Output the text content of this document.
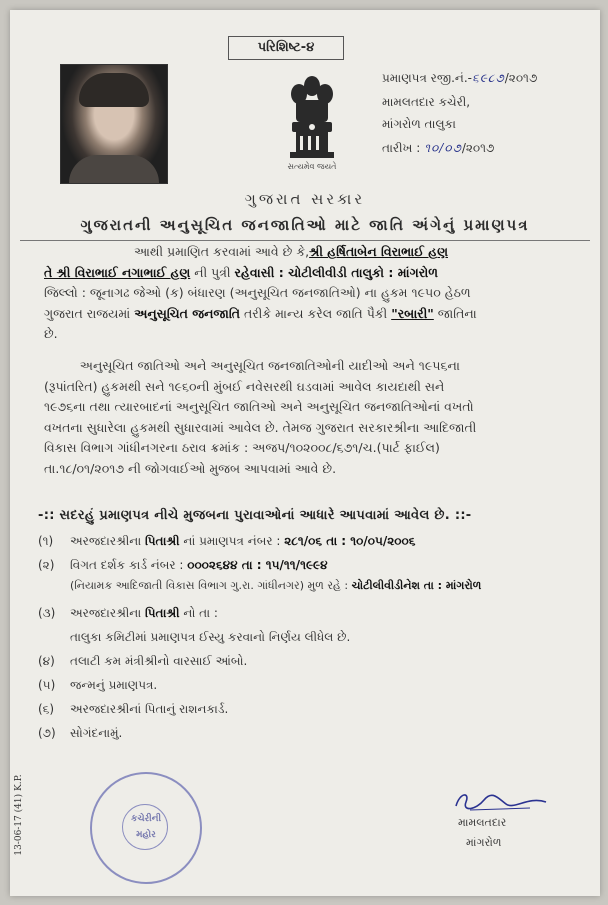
પરિશિષ્ટ-૪
સત્યમેવ જયતે
પ્રમાણપત્ર રજી.નં.-૬૯૮૭/૨૦૧૭
મામલતદાર કચેરી,
માંગરોળ તાલુકા
તારીખ : ૧૦/૦૭/૨૦૧૭
ગુજરાત સરકાર
ગુજરાતની અનુસૂચિત જનજાતિઓ માટે જાતિ અંગેનું પ્રમાણપત્ર
આથી પ્રમાણિત કરવામાં આવે છે કે,શ્રી હર્ષિતાબેન વિરાભાઈ હણ
તે શ્રી વિરાભાઈ નગાભાઈ હણ ની પુત્રી રહેવાસી : ચોટીલીવીડી તાલુકો : માંગરોળ
જિલ્લો : જૂનાગઢ જેઓ (ક) બંધારણ (અનુસૂચિત જનજાતિઓ) ના હુકમ ૧૯૫૦ હેઠળ
ગુજરાત રાજયમાં અનુસૂચિત જનજાતિ તરીકે માન્ય કરેલ જાતિ પૈકી "રબારી" જાતિના
છે.
અનુસૂચિત જાતિઓ અને અનુસૂચિત જનજાતિઓની યાદીઓ અને ૧૯૫૬ના
(રૂપાંતરિત) હુકમથી સને ૧૯૬૦ની મુંબઈ નવેસરથી ઘડવામાં આવેલ કાયદાથી સને
૧૯૭૬ના તથા ત્યારબાદનાં અનુસૂચિત જાતિઓ અને અનુસૂચિત જનજાતિઓનાં વખતો
વખતના સુધારેલા હુકમથી સુધારવામાં આવેલ છે. તેમજ ગુજરાત સરકારશ્રીના આદિજાતી
વિકાસ વિભાગ ગાંધીનગરના ઠરાવ ક્રમાંક : અજપ/૧૦૨૦૦૮/૬૭૧/ચ.(પાર્ટ ફાઈલ)
તા.૧૮/૦૧/૨૦૧૭ ની જોગવાઈઓ મુજબ આપવામાં આવે છે.
-:: સદરહું પ્રમાણપત્ર નીચે મુજબના પુરાવાઓનાં આધારે આપવામાં આવેલ છે. ::-
(૧) અરજદારશ્રીના પિતાશ્રી નાં પ્રમાણપત્ર નંબર : ૨૮૧/૦૬ તા : ૧૦/૦૫/૨૦૦૬
(૨) વિગત દર્શક કાર્ડ નંબર : ૦૦૦૨૬૪૪ તા : ૧૫/૧૧/૧૯૯૪
(નિયામક આદિજાતી વિકાસ વિભાગ ગુ.રા. ગાંધીનગર) મુળ રહે : ચોટીલીવીડીનેશ તા : માંગરોળ
(૩) અરજદારશ્રીના પિતાશ્રી નો તા :
તાલુકા કમિટીમાં પ્રમાણપત્ર ઈસ્યુ કરવાનો નિર્ણય લીધેલ છે.
(૪) તલાટી કમ મંત્રીશ્રીનો વારસાઈ આંબો.
(૫) જન્મનું પ્રમાણપત્ર.
(૬) અરજદારશ્રીનાં પિતાનું રાશનકાર્ડ.
(૭) સોગંદનામું.
કચેરીની
મહોર
મામલતદાર
માંગરોળ
13-06-17 (41) K.P.
